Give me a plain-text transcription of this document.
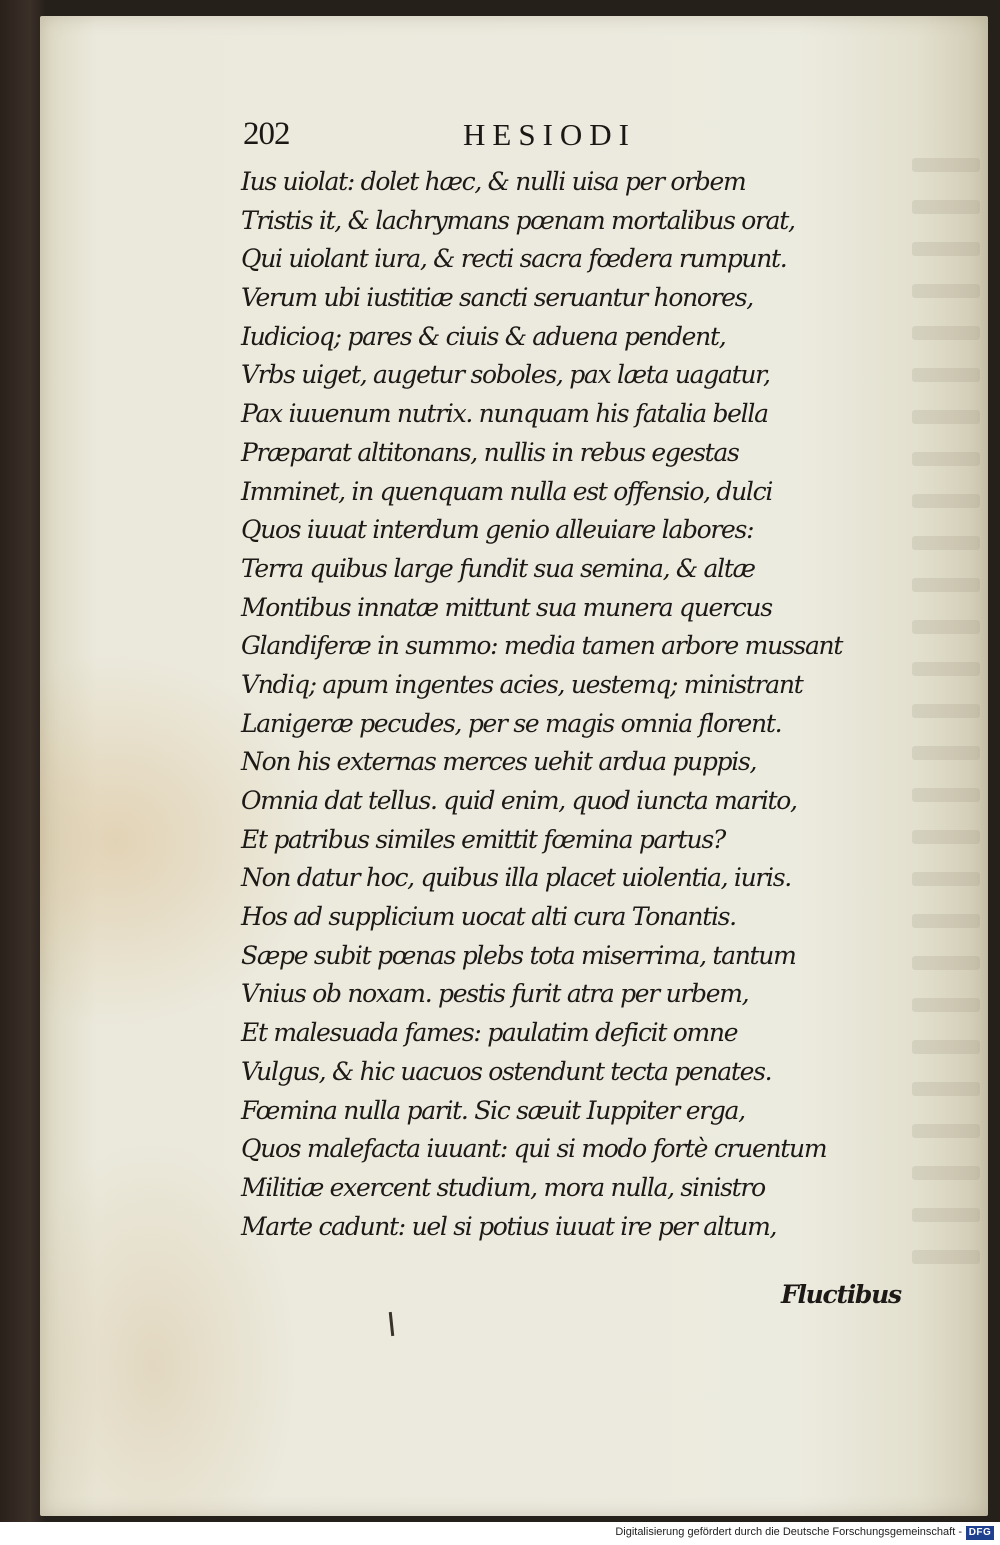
202	HESIODI
Ius uiolat: dolet hæc, & nulli uisa per orbem
Tristis it, & lachrymans pœnam mortalibus orat,
Qui uiolant iura, & recti sacra fœdera rumpunt.
Verum ubi iustitiæ sancti seruantur honores,
Iudicioq; pares & ciuis & aduena pendent,
Vrbs uiget, augetur soboles, pax læta uagatur,
Pax iuuenum nutrix. nunquam his fatalia bella
Præparat altitonans, nullis in rebus egestas
Imminet, in quenquam nulla est offensio, dulci
Quos iuuat interdum genio alleuiare labores:
Terra quibus large fundit sua semina, & altæ
Montibus innatæ mittunt sua munera quercus
Glandiferæ in summo: media tamen arbore mussant
Vndiq; apum ingentes acies, uestemq; ministrant
Lanigeræ pecudes, per se magis omnia florent.
Non his externas merces uehit ardua puppis,
Omnia dat tellus. quid enim, quod iuncta marito,
Et patribus similes emittit fœmina partus?
Non datur hoc, quibus illa placet uiolentia, iuris.
Hos ad supplicium uocat alti cura Tonantis.
Sæpe subit pœnas plebs tota miserrima, tantum
Vnius ob noxam. pestis furit atra per urbem,
Et malesuada fames: paulatim deficit omne
Vulgus, & hic uacuos ostendunt tecta penates.
Fœmina nulla parit. Sic sæuit Iuppiter erga,
Quos malefacta iuuant: qui si modo fortè cruentum
Militiæ exercent studium, mora nulla, sinistro
Marte cadunt: uel si potius iuuat ire per altum,
Fluctibus
Digitalisierung gefördert durch die Deutsche Forschungsgemeinschaft - DFG
